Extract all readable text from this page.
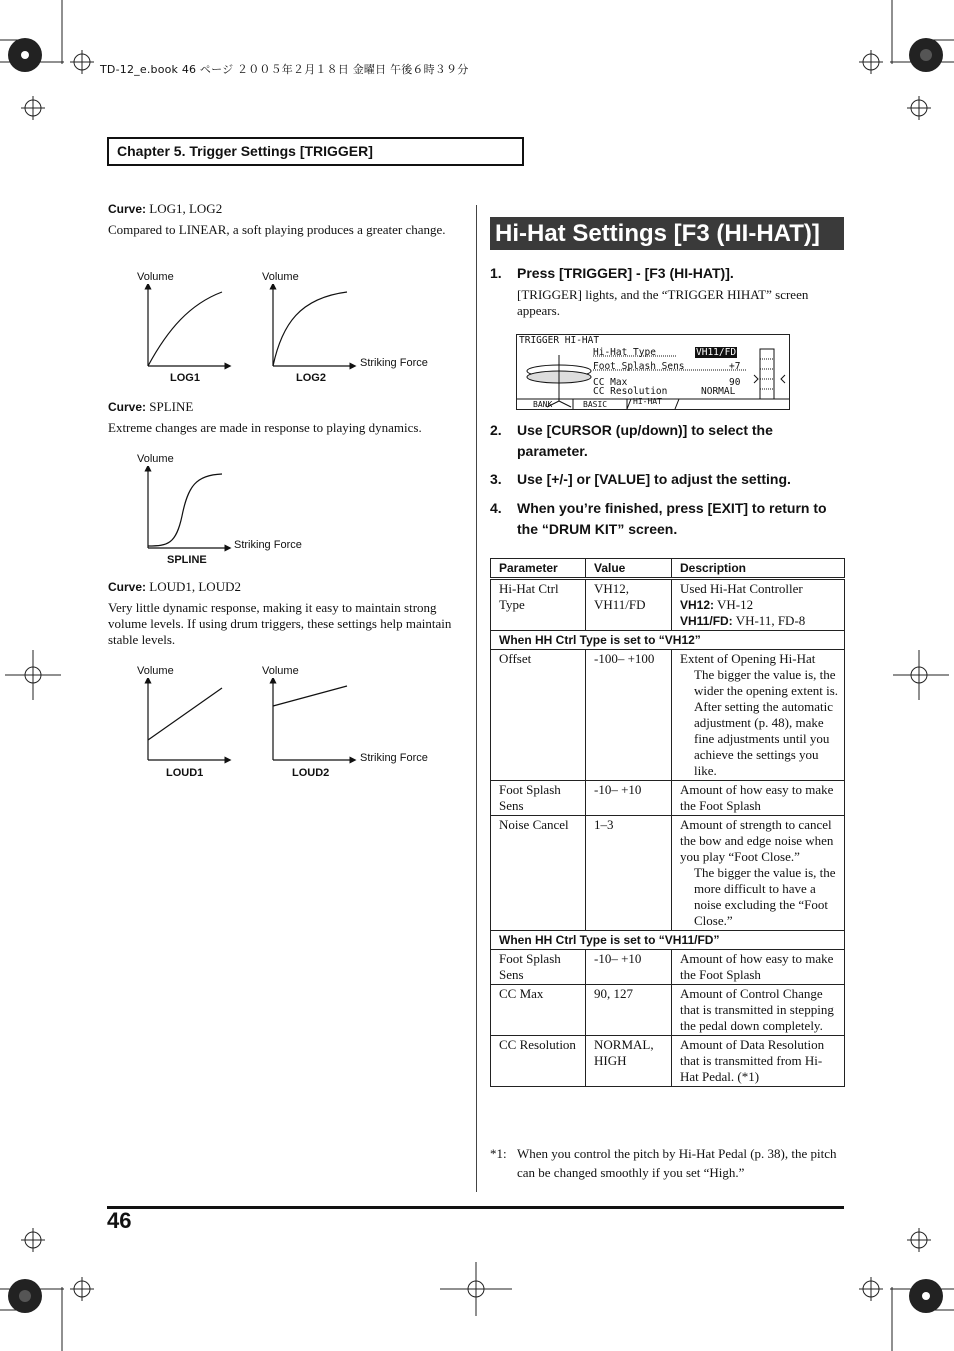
TD-12_e.book 46 ページ ２００５年２月１８日 金曜日 午後６時３９分
Chapter 5. Trigger Settings [TRIGGER]
Curve: LOG1, LOG2
Compared to LINEAR, a soft playing produces a greater change.
Volume	Volume
Striking Force
LOG1	LOG2
Curve: SPLINE
Extreme changes are made in response to playing dynamics.
Volume
Striking Force
SPLINE
Curve: LOUD1, LOUD2
Very little dynamic response, making it easy to maintain strong volume levels. If using drum triggers, these settings help maintain stable levels.
Volume	Volume
Striking Force
LOUD1	LOUD2
Hi-Hat Settings [F3 (HI-HAT)]
1. Press [TRIGGER] - [F3 (HI-HAT)].
[TRIGGER] lights, and the “TRIGGER HIHAT” screen appears.
TRIGGER HI-HAT
Hi-Hat Type	VH11/FD
Foot Splash Sens	+7
CC Max	90
CC Resolution	NORMAL
BANK	BASIC	HI-HAT
2. Use [CURSOR (up/down)] to select the parameter.
3. Use [+/-] or [VALUE] to adjust the setting.
4. When you’re finished, press [EXIT] to return to the “DRUM KIT” screen.
Parameter	Value	Description
Hi-Hat Ctrl Type	VH12, VH11/FD	Used Hi-Hat Controller
VH12: VH-12
VH11/FD: VH-11, FD-8
When HH Ctrl Type is set to “VH12”		
Offset	-100– +100	Extent of Opening Hi-Hat
The bigger the value is, the wider the opening extent is.
After setting the automatic adjustment (p. 48), make fine adjustments until you achieve the settings you like.

Foot Splash Sens	-10– +10	Amount of how easy to make the Foot Splash
Noise Cancel	1–3	Amount of strength to cancel the bow and edge noise when you play “Foot Close.”
The bigger the value is, the more difficult to have a noise excluding the “Foot Close.”

When HH Ctrl Type is set to “VH11/FD”		
Foot Splash Sens	-10– +10	Amount of how easy to make the Foot Splash
CC Max	90, 127	Amount of Control Change that is transmitted in stepping the pedal down completely.
CC Resolution	NORMAL, HIGH	Amount of Data Resolution that is transmitted from Hi-Hat Pedal. (*1)
*1: When you control the pitch by Hi-Hat Pedal (p. 38), the pitch can be changed smoothly if you set “High.”
46
